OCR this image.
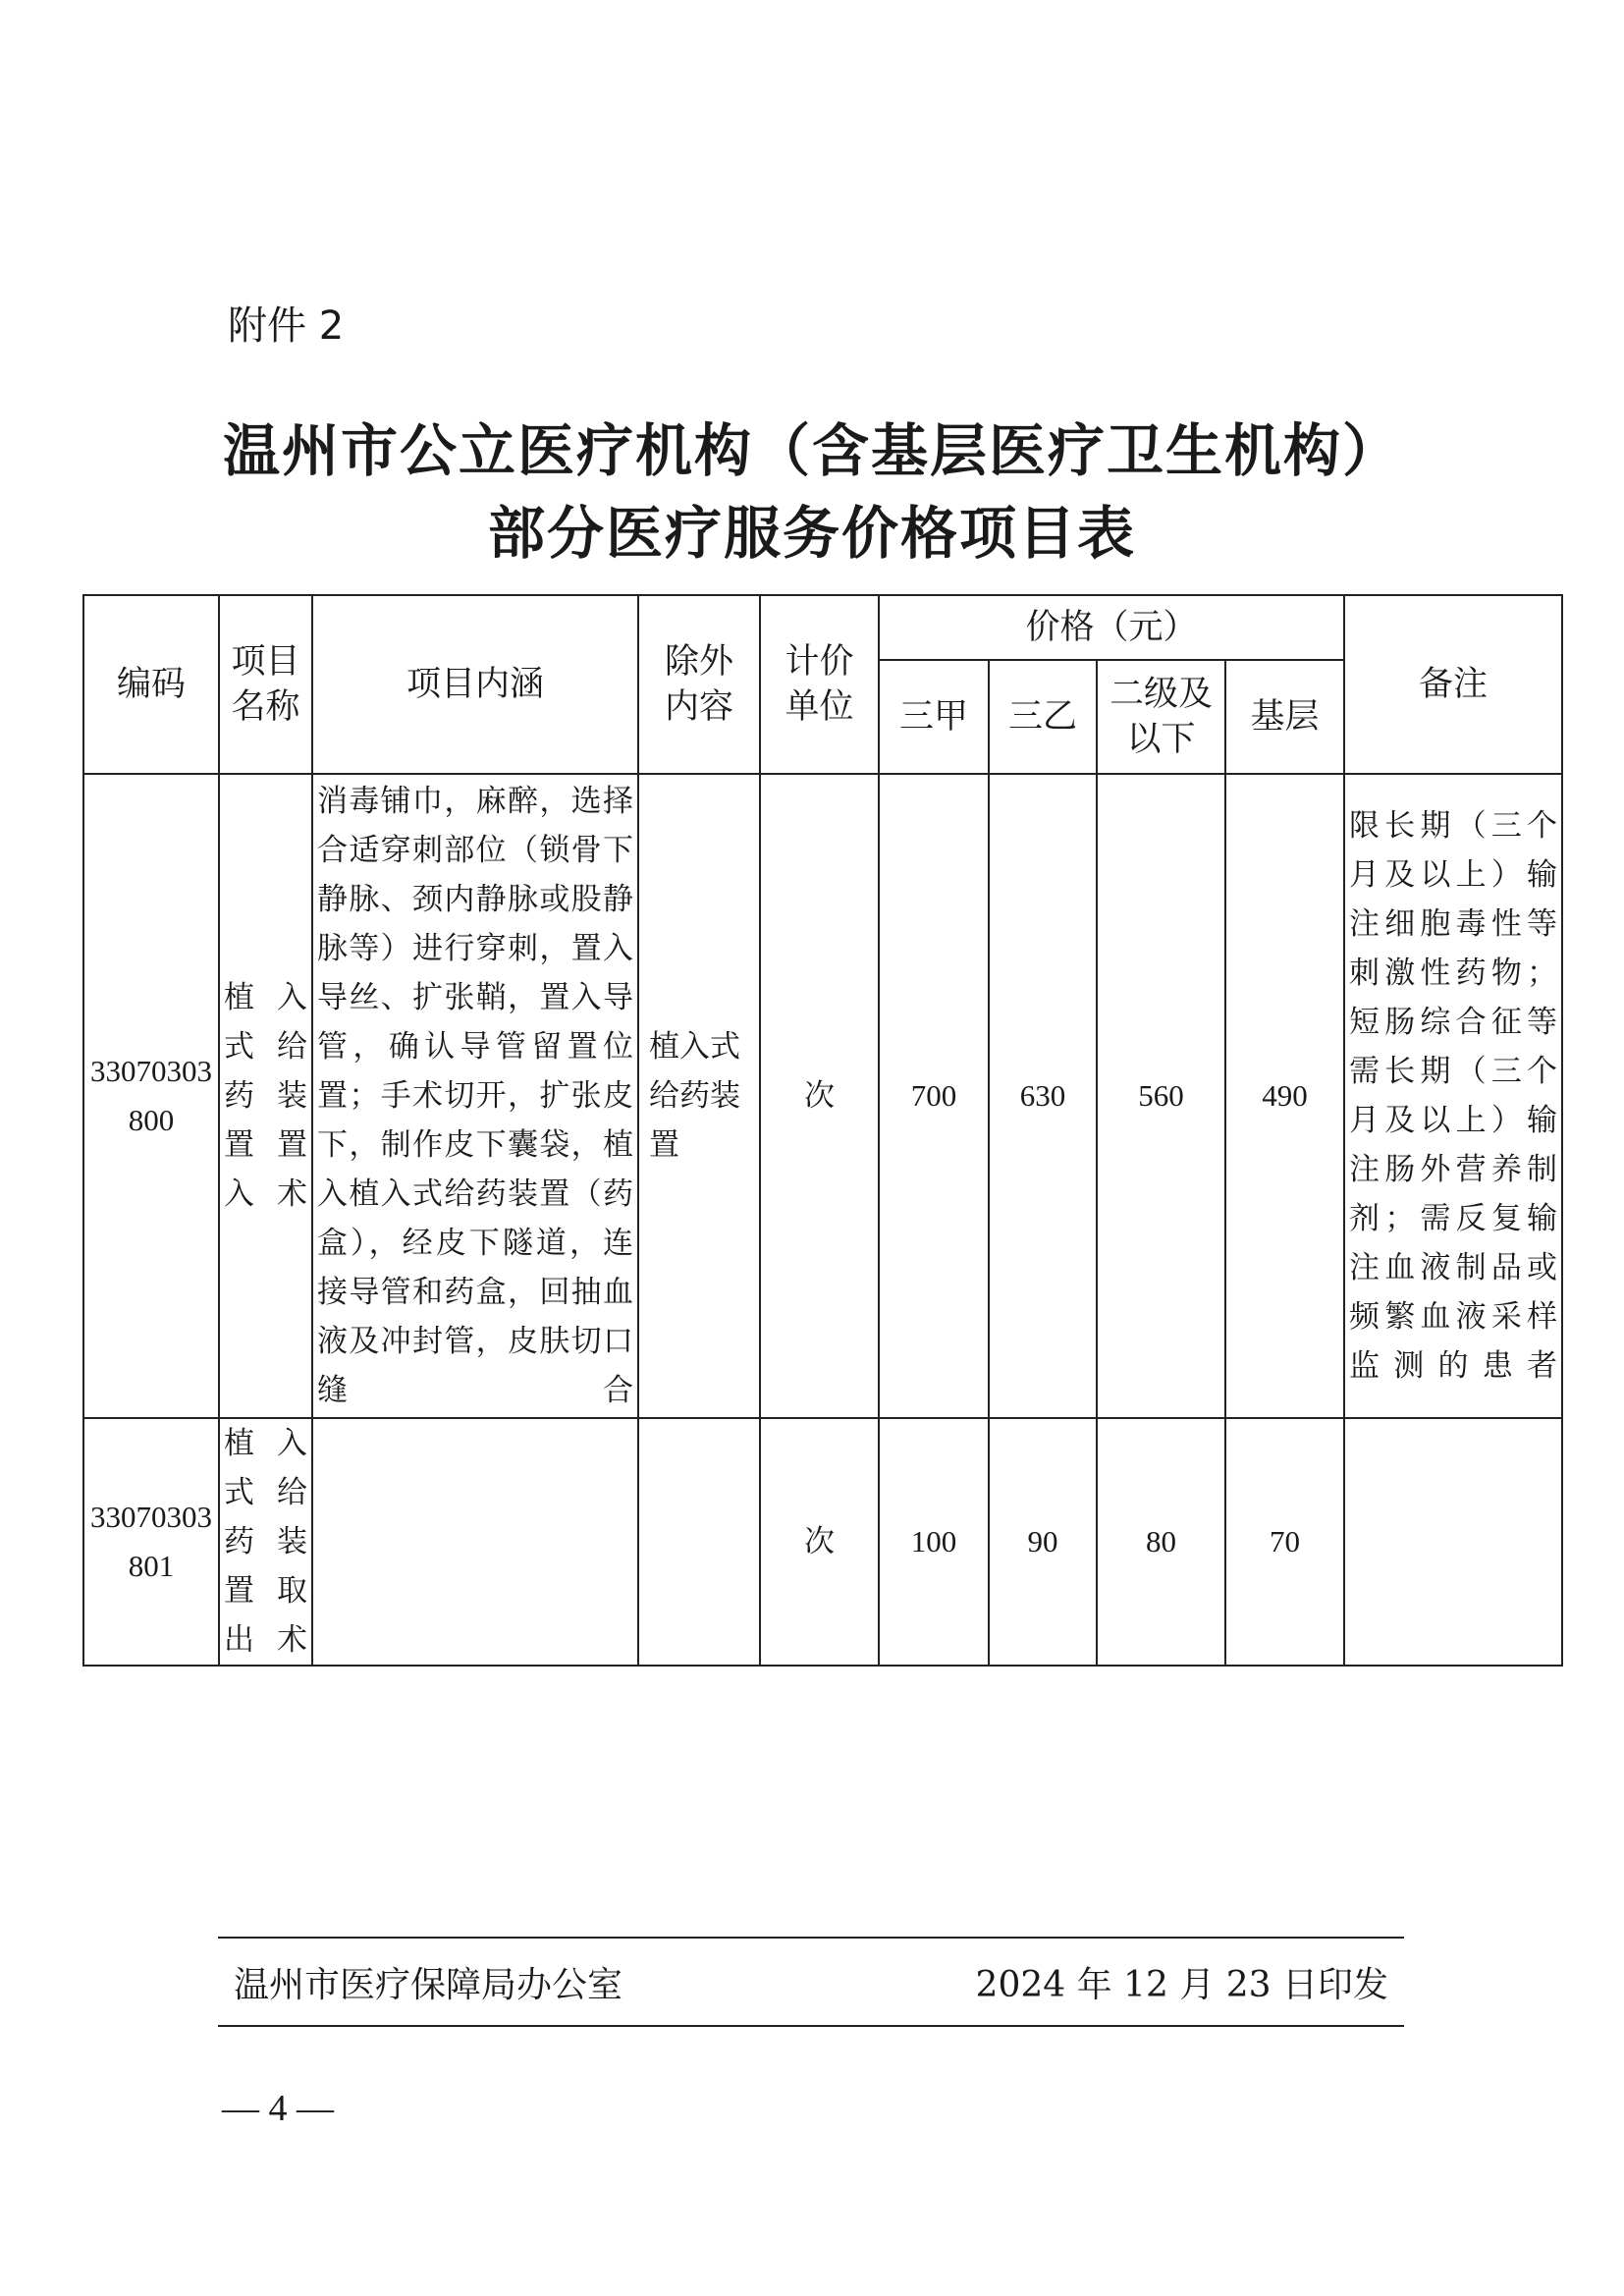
附件 2
温州市公立医疗机构（含基层医疗卫生机构）
部分医疗服务价格项目表
编码	项目名称	项目内涵	除外内容	计价单位	价格（元）				备注
					三甲	三乙	二级及以下	基层	
33070303800	植入式给药装置置入术	消毒铺巾，麻醉，选择合适穿刺部位（锁骨下静脉、颈内静脉或股静脉等）进行穿刺，置入导丝、扩张鞘，置入导管，确认导管留置位置；手术切开，扩张皮下，制作皮下囊袋，植入植入式给药装置（药盒），经皮下隧道，连接导管和药盒，回抽血液及冲封管，皮肤切口缝合	植入式给药装置	次	700	630	560	490	限长期（三个月及以上）输注细胞毒性等刺激性药物；短肠综合征等需长期（三个月及以上）输注肠外营养制剂；需反复输注血液制品或频繁血液采样监测的患者
33070303801	植入式给药装置取出术			次	100	90	80	70	
温州市医疗保障局办公室	2024 年 12 月 23 日印发
— 4 —
